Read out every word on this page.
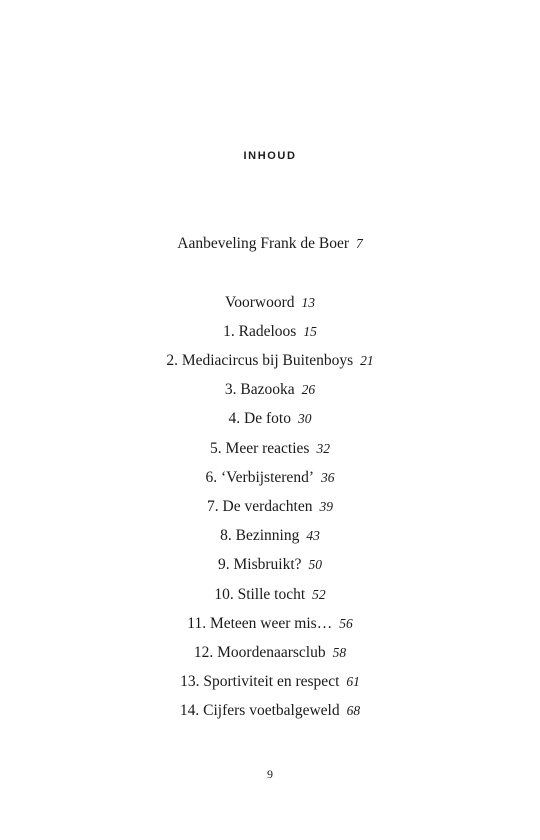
INHOUD
Aanbeveling Frank de Boer 7
Voorwoord 13
1. Radeloos 15
2. Mediacircus bij Buitenboys 21
3. Bazooka 26
4. De foto 30
5. Meer reacties 32
6. ‘Verbijsterend’ 36
7. De verdachten 39
8. Bezinning 43
9. Misbruikt? 50
10. Stille tocht 52
11. Meteen weer mis… 56
12. Moordenaarsclub 58
13. Sportiviteit en respect 61
14. Cijfers voetbalgeweld 68
9
